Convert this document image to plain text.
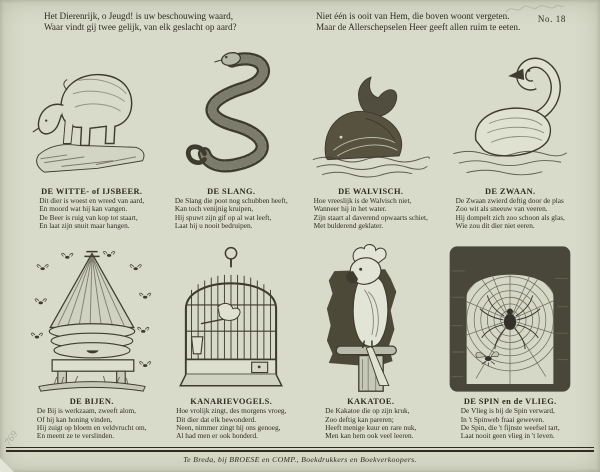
Het Dierenrijk, o Jeugd! is uw beschouwing waard,
Waar vindt gij twee gelijk, van elk geslacht op aard?
Niet één is ooit van Hem, die boven woont vergeten.
Maar de Allerschepselen Heer geeft allen ruim te eeten.
No. 18
DE WITTE- of IJSBEER.
Dit dier is woest en wreed van aard,
En moord wat hij kan vangen.
De Beer is ruig van kop tot staart,
En laat zijn snuit maar hangen.
DE SLANG.
De Slang die poot nog schubben heeft,
Kan toch venijnig kruipen,
Hij spuwt zijn gif op al wat leeft,
Laat hij u nooit bedruipen.
DE WALVISCH.
Hoe vreeslijk is de Walvisch niet,
Wanneer hij in het water.
Zijn staart al daverend opwaarts schiet,
Met bulderend geklater.
DE ZWAAN.
De Zwaan zwierd deftig door de plas
Zoo wit als sneeuw van veeren.
Hij dompelt zich zoo schoon als glas,
Wie zou dit dier niet eeren.
DE BIJEN.
De Bij is werkzaam, zweeft alom,
Of hij kan honing vinden,
Hij zuigt op bloem en veldvrucht om,
En meent ze te verslinden.
KANARIEVOGELS.
Hoe vrolijk zingt, des morgens vroeg,
Dit dier dat elk bewonderd.
Neen, nimmer zingt hij ons genoeg,
Al had men er ook honderd.
KAKATOE.
De Kakatoe die op zijn kruk,
Zoo deftig kan pareren;
Heeft menige kuur en rare nuk,
Men kan hem ook veel leeren.
DE SPIN en de VLIEG.
De Vlieg is bij de Spin verward,
In 't Spinweb fraai geweven.
De Spin, die 't fijnste weefsel tart,
Laat nooit geen vlieg in 't leven.
Te Breda, bij BROESE en COMP., Boekdrukkers en Boekverkoopers.
769
